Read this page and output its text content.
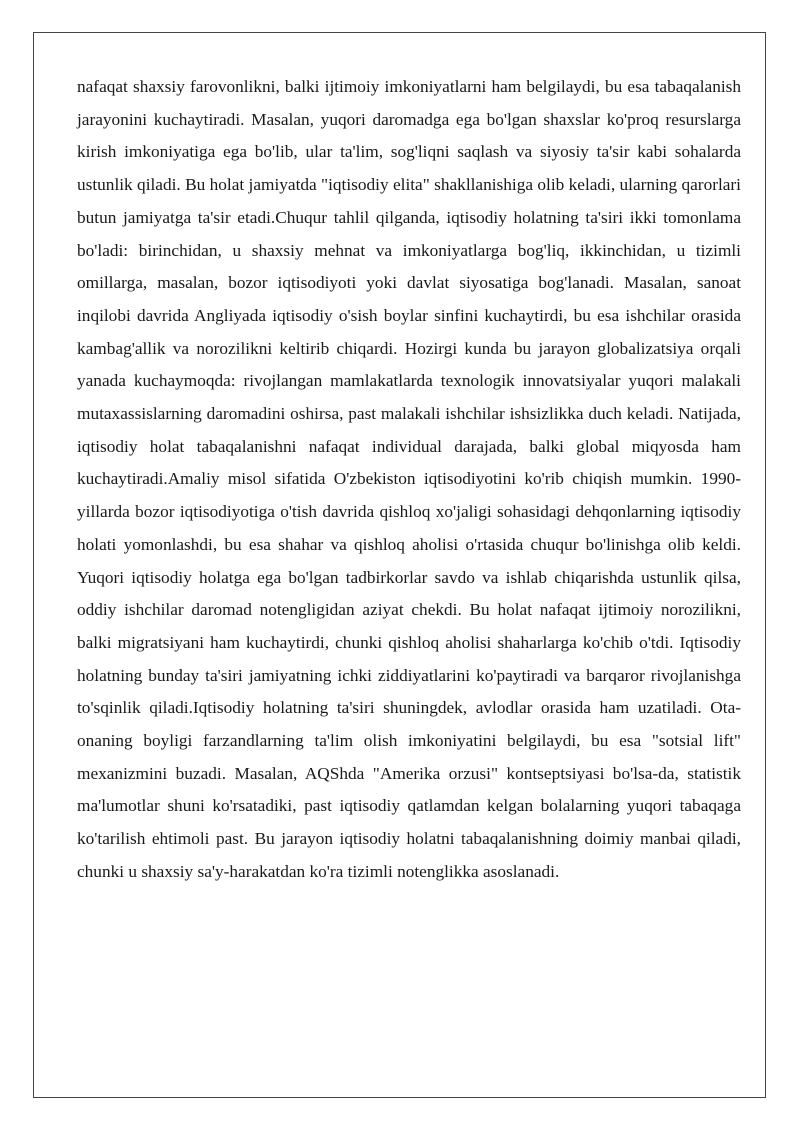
nafaqat shaxsiy farovonlikni, balki ijtimoiy imkoniyatlarni ham belgilaydi, bu esa tabaqalanish jarayonini kuchaytiradi. Masalan, yuqori daromadga ega bo'lgan shaxslar ko'proq resurslarga kirish imkoniyatiga ega bo'lib, ular ta'lim, sog'liqni saqlash va siyosiy ta'sir kabi sohalarda ustunlik qiladi. Bu holat jamiyatda "iqtisodiy elita" shakllanishiga olib keladi, ularning qarorlari butun jamiyatga ta'sir etadi.Chuqur tahlil qilganda, iqtisodiy holatning ta'siri ikki tomonlama bo'ladi: birinchidan, u shaxsiy mehnat va imkoniyatlarga bog'liq, ikkinchidan, u tizimli omillarga, masalan, bozor iqtisodiyoti yoki davlat siyosatiga bog'lanadi. Masalan, sanoat inqilobi davrida Angliyada iqtisodiy o'sish boylar sinfini kuchaytirdi, bu esa ishchilar orasida kambag'allik va norozilikni keltirib chiqardi. Hozirgi kunda bu jarayon globalizatsiya orqali yanada kuchaymoqda: rivojlangan mamlakatlarda texnologik innovatsiyalar yuqori malakali mutaxassislarning daromadini oshirsa, past malakali ishchilar ishsizlikka duch keladi. Natijada, iqtisodiy holat tabaqalanishni nafaqat individual darajada, balki global miqyosda ham kuchaytiradi.Amaliy misol sifatida O'zbekiston iqtisodiyotini ko'rib chiqish mumkin. 1990-yillarda bozor iqtisodiyotiga o'tish davrida qishloq xo'jaligi sohasidagi dehqonlarning iqtisodiy holati yomonlashdi, bu esa shahar va qishloq aholisi o'rtasida chuqur bo'linishga olib keldi. Yuqori iqtisodiy holatga ega bo'lgan tadbirkorlar savdo va ishlab chiqarishda ustunlik qilsa, oddiy ishchilar daromad notengligidan aziyat chekdi. Bu holat nafaqat ijtimoiy norozilikni, balki migratsiyani ham kuchaytirdi, chunki qishloq aholisi shaharlarga ko'chib o'tdi. Iqtisodiy holatning bunday ta'siri jamiyatning ichki ziddiyatlarini ko'paytiradi va barqaror rivojlanishga to'sqinlik qiladi.Iqtisodiy holatning ta'siri shuningdek, avlodlar orasida ham uzatiladi. Ota-onaning boyligi farzandlarning ta'lim olish imkoniyatini belgilaydi, bu esa "sotsial lift" mexanizmini buzadi. Masalan, AQShda "Amerika orzusi" kontseptsiyasi bo'lsa-da, statistik ma'lumotlar shuni ko'rsatadiki, past iqtisodiy qatlamdan kelgan bolalarning yuqori tabaqaga ko'tarilish ehtimoli past. Bu jarayon iqtisodiy holatni tabaqalanishning doimiy manbai qiladi, chunki u shaxsiy sa'y-harakatdan ko'ra tizimli notenglikka asoslanadi.
